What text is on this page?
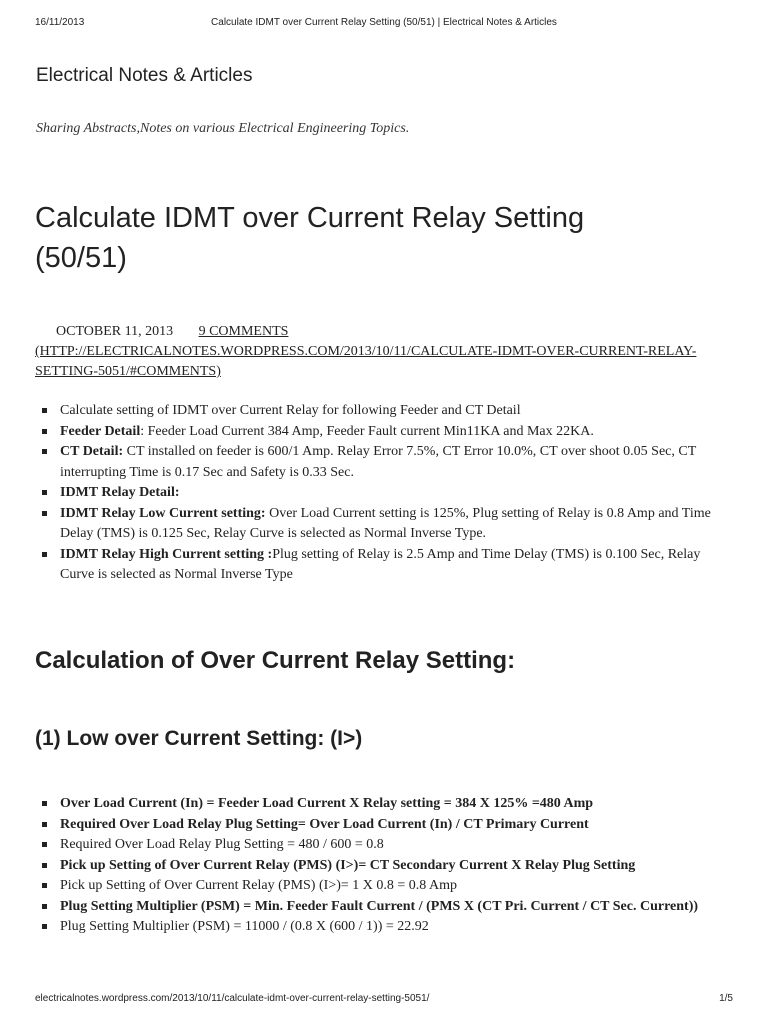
16/11/2013	Calculate IDMT over Current Relay Setting (50/51) | Electrical Notes & Articles
Electrical Notes & Articles
Sharing Abstracts,Notes on various Electrical Engineering Topics.
Calculate IDMT over Current Relay Setting (50/51)
OCTOBER 11, 2013 9 COMMENTS
(HTTP://ELECTRICALNOTES.WORDPRESS.COM/2013/10/11/CALCULATE-IDMT-OVER-CURRENT-RELAY-SETTING-5051/#COMMENTS)
Calculate setting of IDMT over Current Relay for following Feeder and CT Detail
Feeder Detail: Feeder Load Current 384 Amp, Feeder Fault current Min11KA and Max 22KA.
CT Detail: CT installed on feeder is 600/1 Amp. Relay Error 7.5%, CT Error 10.0%, CT over shoot 0.05 Sec, CT interrupting Time is 0.17 Sec and Safety is 0.33 Sec.
IDMT Relay Detail:
IDMT Relay Low Current setting: Over Load Current setting is 125%, Plug setting of Relay is 0.8 Amp and Time Delay (TMS) is 0.125 Sec, Relay Curve is selected as Normal Inverse Type.
IDMT Relay High Current setting :Plug setting of Relay is 2.5 Amp and Time Delay (TMS) is 0.100 Sec, Relay Curve is selected as Normal Inverse Type
Calculation of Over Current Relay Setting:
(1) Low over Current Setting: (I>)
Over Load Current (In) = Feeder Load Current X Relay setting = 384 X 125% =480 Amp
Required Over Load Relay Plug Setting= Over Load Current (In) / CT Primary Current
Required Over Load Relay Plug Setting = 480 / 600 = 0.8
Pick up Setting of Over Current Relay (PMS) (I>)= CT Secondary Current X Relay Plug Setting
Pick up Setting of Over Current Relay (PMS) (I>)= 1 X 0.8 = 0.8 Amp
Plug Setting Multiplier (PSM) = Min. Feeder Fault Current / (PMS X (CT Pri. Current / CT Sec. Current))
Plug Setting Multiplier (PSM) = 11000 / (0.8 X (600 / 1)) = 22.92
electricalnotes.wordpress.com/2013/10/11/calculate-idmt-over-current-relay-setting-5051/	1/5
